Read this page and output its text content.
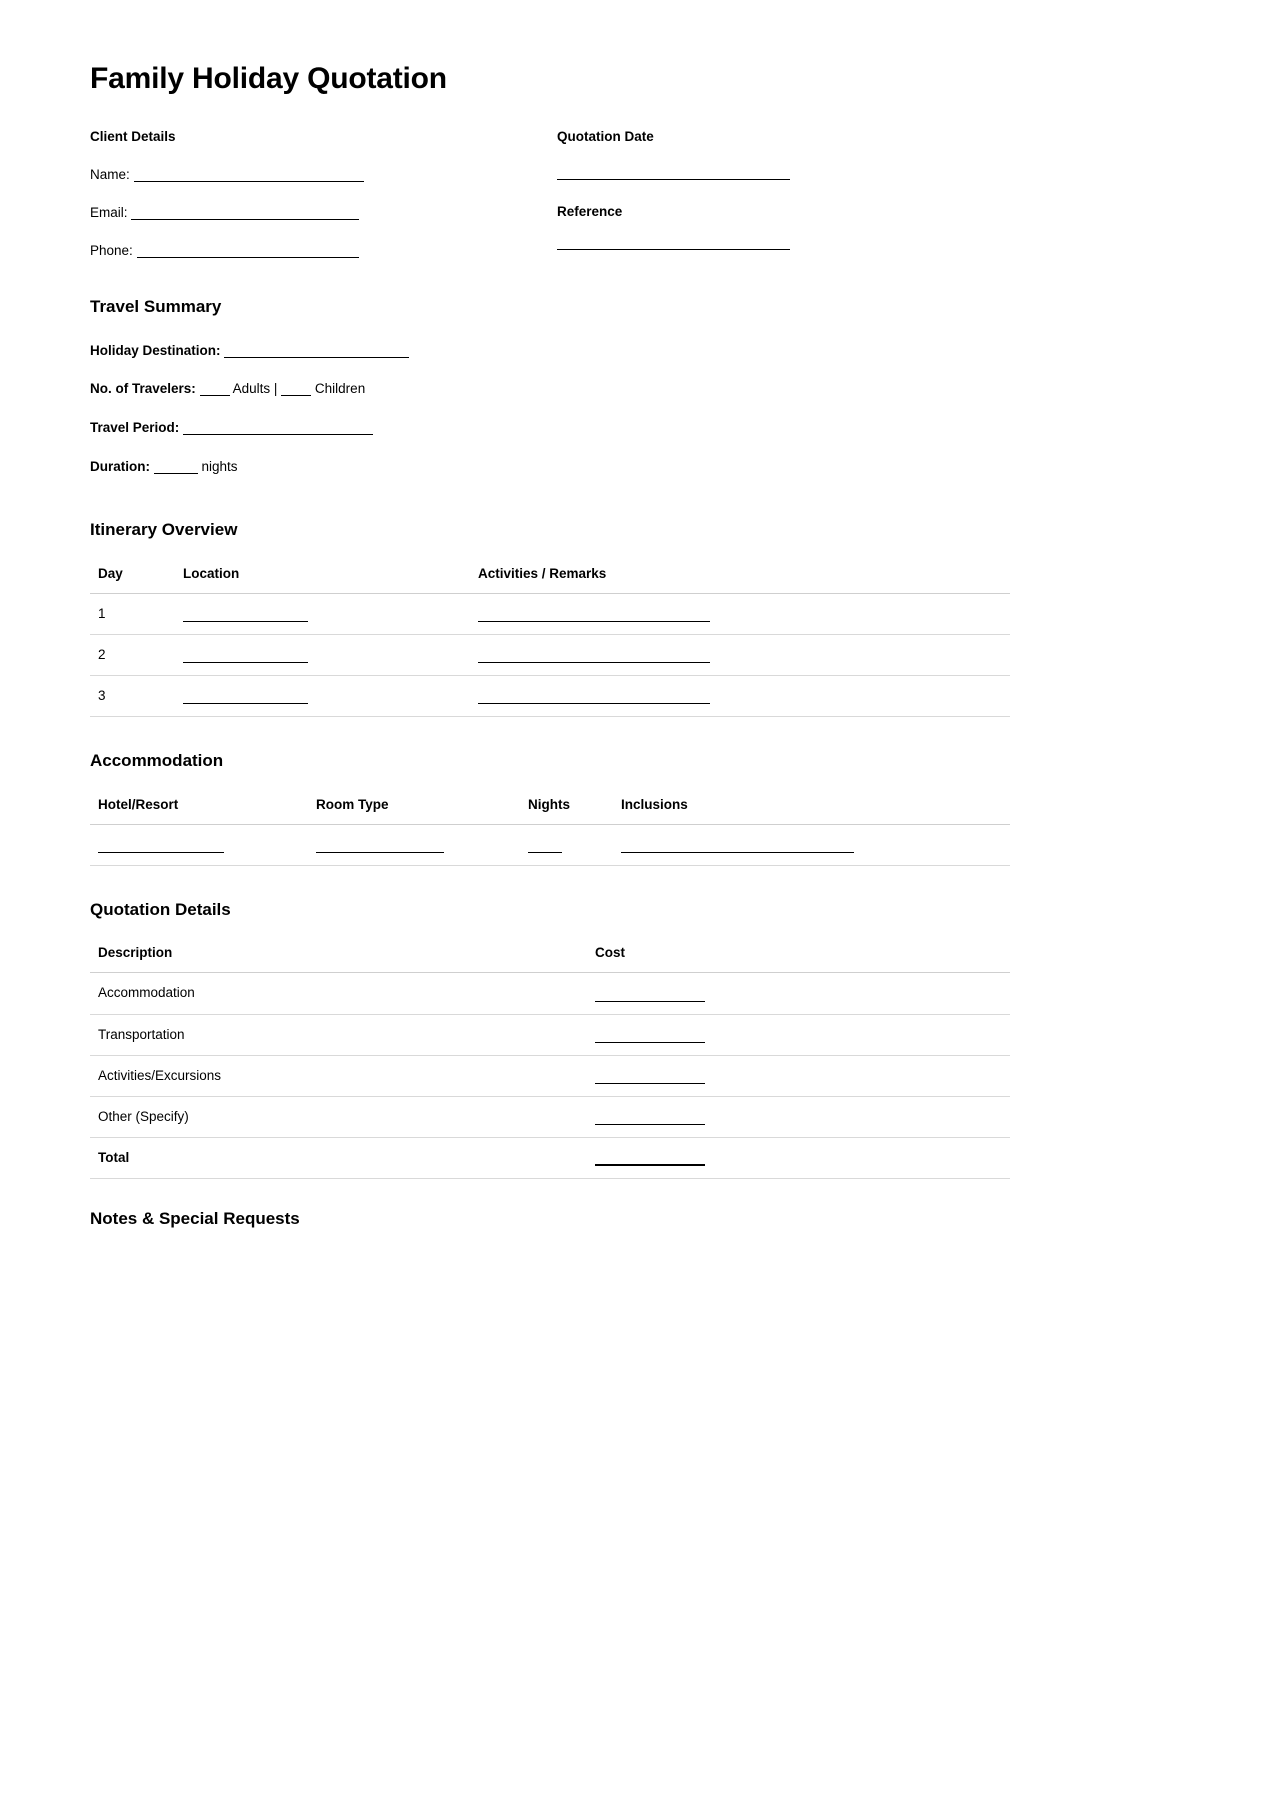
Family Holiday Quotation
Client Details
Name:
Email:
Phone:
Quotation Date
Reference
Travel Summary
Holiday Destination:
No. of Travelers:	Adults |	Children
Travel Period:
Duration:	nights
Itinerary Overview
Day	Location	Activities / Remarks
1		
2		
3		
Accommodation
Hotel/Resort	Room Type	Nights	Inclusions

Quotation Details
Description	Cost
Accommodation	
Transportation	
Activities/Excursions	
Other (Specify)	
Total	
Notes & Special Requests
